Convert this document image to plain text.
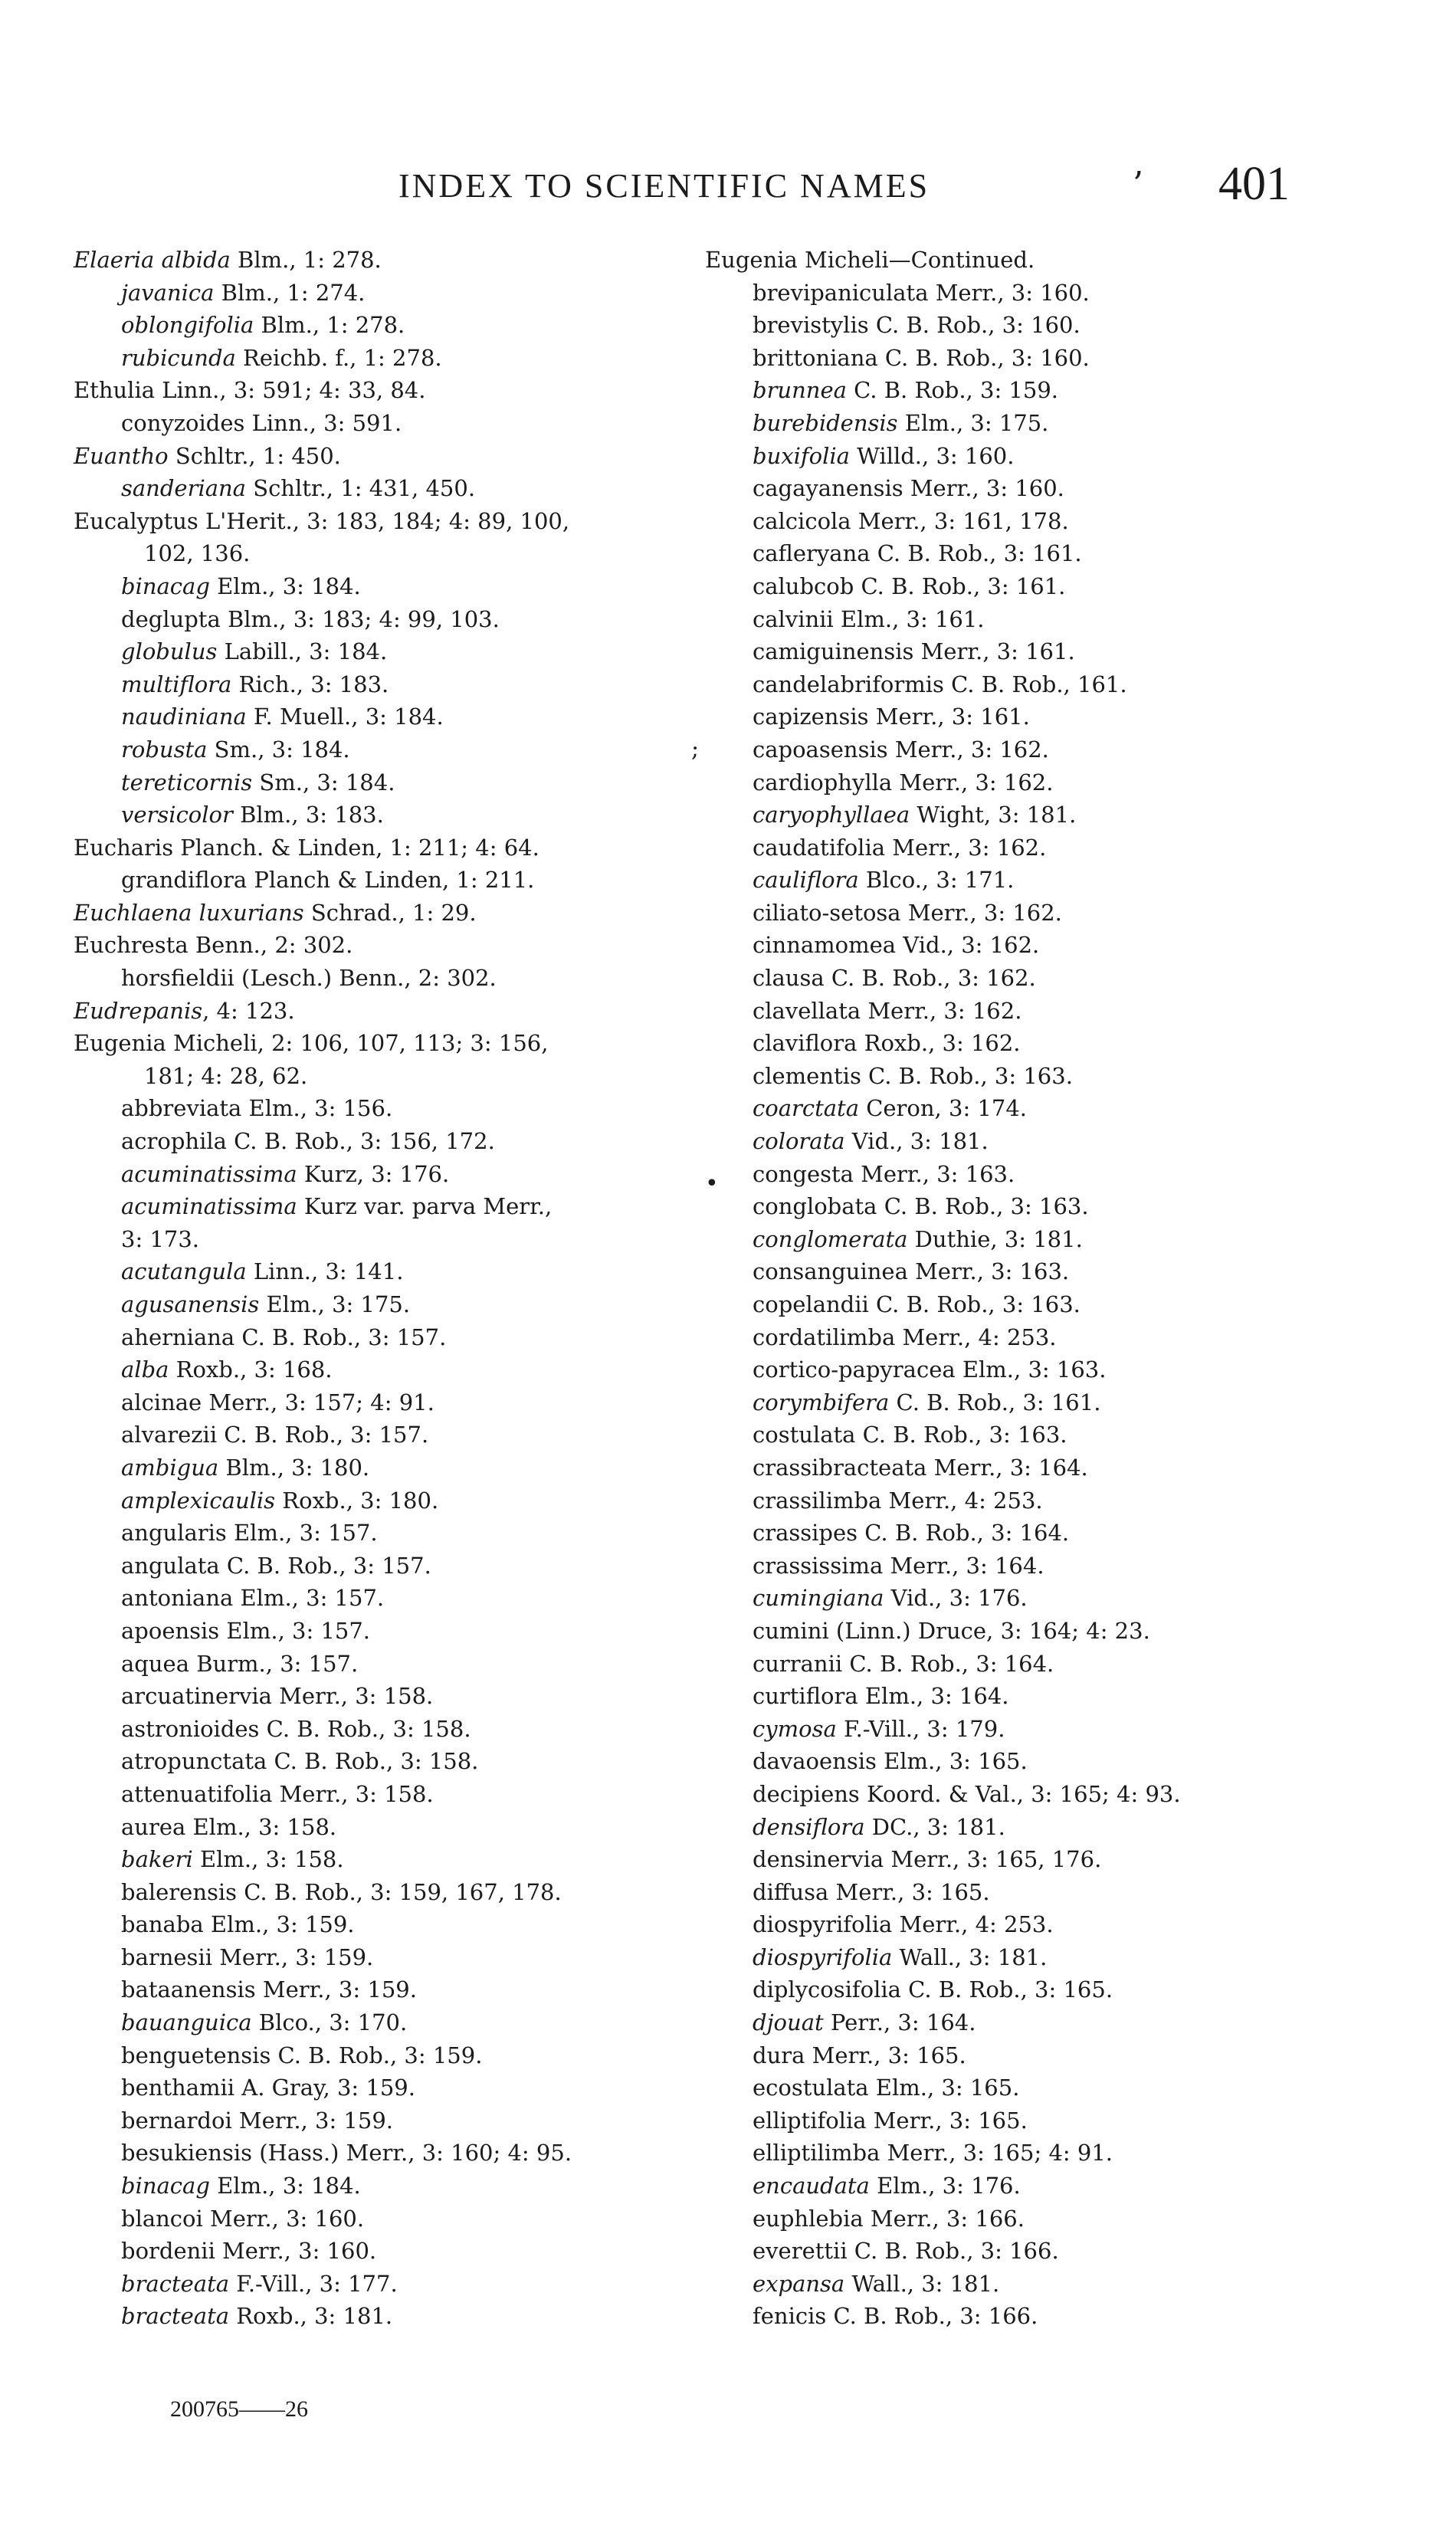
INDEX TO SCIENTIFIC NAMES	’ 401
Elaeria albida Blm., 1: 278.
javanica Blm., 1: 274.
oblongifolia Blm., 1: 278.
rubicunda Reichb. f., 1: 278.
Ethulia Linn., 3: 591; 4: 33, 84.
conyzoides Linn., 3: 591.
Euantho Schltr., 1: 450.
sanderiana Schltr., 1: 431, 450.
Eucalyptus L'Herit., 3: 183, 184; 4: 89, 100,
102, 136.
binacag Elm., 3: 184.
deglupta Blm., 3: 183; 4: 99, 103.
globulus Labill., 3: 184.
multiflora Rich., 3: 183.
naudiniana F. Muell., 3: 184.
robusta Sm., 3: 184.
tereticornis Sm., 3: 184.
versicolor Blm., 3: 183.
Eucharis Planch. & Linden, 1: 211; 4: 64.
grandiflora Planch & Linden, 1: 211.
Euchlaena luxurians Schrad., 1: 29.
Euchresta Benn., 2: 302.
horsfieldii (Lesch.) Benn., 2: 302.
Eudrepanis, 4: 123.
Eugenia Micheli, 2: 106, 107, 113; 3: 156,
181; 4: 28, 62.
abbreviata Elm., 3: 156.
acrophila C. B. Rob., 3: 156, 172.
acuminatissima Kurz, 3: 176.
acuminatissima Kurz var. parva Merr.,
3: 173.
acutangula Linn., 3: 141.
agusanensis Elm., 3: 175.
aherniana C. B. Rob., 3: 157.
alba Roxb., 3: 168.
alcinae Merr., 3: 157; 4: 91.
alvarezii C. B. Rob., 3: 157.
ambigua Blm., 3: 180.
amplexicaulis Roxb., 3: 180.
angularis Elm., 3: 157.
angulata C. B. Rob., 3: 157.
antoniana Elm., 3: 157.
apoensis Elm., 3: 157.
aquea Burm., 3: 157.
arcuatinervia Merr., 3: 158.
astronioides C. B. Rob., 3: 158.
atropunctata C. B. Rob., 3: 158.
attenuatifolia Merr., 3: 158.
aurea Elm., 3: 158.
bakeri Elm., 3: 158.
balerensis C. B. Rob., 3: 159, 167, 178.
banaba Elm., 3: 159.
barnesii Merr., 3: 159.
bataanensis Merr., 3: 159.
bauanguica Blco., 3: 170.
benguetensis C. B. Rob., 3: 159.
benthamii A. Gray, 3: 159.
bernardoi Merr., 3: 159.
besukiensis (Hass.) Merr., 3: 160; 4: 95.
binacag Elm., 3: 184.
blancoi Merr., 3: 160.
bordenii Merr., 3: 160.
bracteata F.-Vill., 3: 177.
bracteata Roxb., 3: 181.
Eugenia Micheli—Continued.
brevipaniculata Merr., 3: 160.
brevistylis C. B. Rob., 3: 160.
brittoniana C. B. Rob., 3: 160.
brunnea C. B. Rob., 3: 159.
burebidensis Elm., 3: 175.
buxifolia Willd., 3: 160.
cagayanensis Merr., 3: 160.
calcicola Merr., 3: 161, 178.
cafleryana C. B. Rob., 3: 161.
calubcob C. B. Rob., 3: 161.
calvinii Elm., 3: 161.
camiguinensis Merr., 3: 161.
candelabriformis C. B. Rob., 161.
capizensis Merr., 3: 161.
capoasensis Merr., 3: 162.
cardiophylla Merr., 3: 162.
caryophyllaea Wight, 3: 181.
caudatifolia Merr., 3: 162.
cauliflora Blco., 3: 171.
ciliato-setosa Merr., 3: 162.
cinnamomea Vid., 3: 162.
clausa C. B. Rob., 3: 162.
clavellata Merr., 3: 162.
claviflora Roxb., 3: 162.
clementis C. B. Rob., 3: 163.
coarctata Ceron, 3: 174.
colorata Vid., 3: 181.
congesta Merr., 3: 163.
conglobata C. B. Rob., 3: 163.
conglomerata Duthie, 3: 181.
consanguinea Merr., 3: 163.
copelandii C. B. Rob., 3: 163.
cordatilimba Merr., 4: 253.
cortico-papyracea Elm., 3: 163.
corymbifera C. B. Rob., 3: 161.
costulata C. B. Rob., 3: 163.
crassibracteata Merr., 3: 164.
crassilimba Merr., 4: 253.
crassipes C. B. Rob., 3: 164.
crassissima Merr., 3: 164.
cumingiana Vid., 3: 176.
cumini (Linn.) Druce, 3: 164; 4: 23.
curranii C. B. Rob., 3: 164.
curtiflora Elm., 3: 164.
cymosa F.-Vill., 3: 179.
davaoensis Elm., 3: 165.
decipiens Koord. & Val., 3: 165; 4: 93.
densiflora DC., 3: 181.
densinervia Merr., 3: 165, 176.
diffusa Merr., 3: 165.
diospyrifolia Merr., 4: 253.
diospyrifolia Wall., 3: 181.
diplycosifolia C. B. Rob., 3: 165.
djouat Perr., 3: 164.
dura Merr., 3: 165.
ecostulata Elm., 3: 165.
elliptifolia Merr., 3: 165.
elliptilimba Merr., 3: 165; 4: 91.
encaudata Elm., 3: 176.
euphlebia Merr., 3: 166.
everettii C. B. Rob., 3: 166.
expansa Wall., 3: 181.
fenicis C. B. Rob., 3: 166.
;
•
200765——26
